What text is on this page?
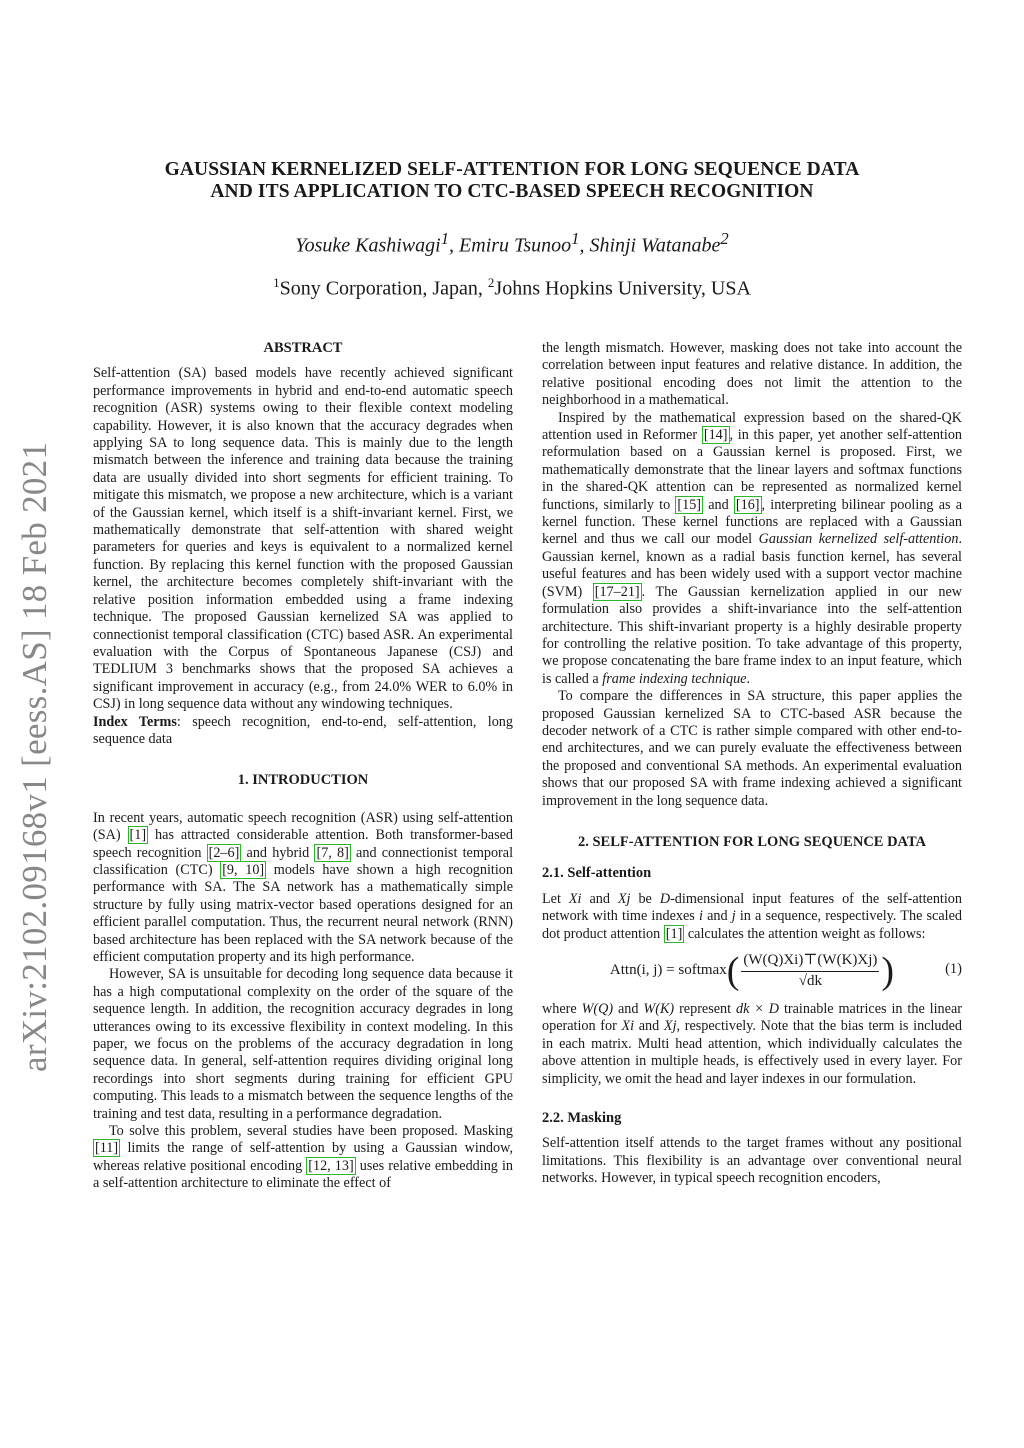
arXiv:2102.09168v1 [eess.AS] 18 Feb 2021
GAUSSIAN KERNELIZED SELF-ATTENTION FOR LONG SEQUENCE DATA
AND ITS APPLICATION TO CTC-BASED SPEECH RECOGNITION
Yosuke Kashiwagi$^1$, Emiru Tsunoo$^1$, Shinji Watanabe$^2$
$^1$Sony Corporation, Japan, $^2$Johns Hopkins University, USA
ABSTRACT

Self-attention (SA) based models have recently achieved significant performance improvements in hybrid and end-to-end automatic speech recognition (ASR) systems owing to their flexible context modeling capability. However, it is also known that the accuracy degrades when applying SA to long sequence data. This is mainly due to the length mismatch between the inference and training data because the training data are usually divided into short segments for efficient training. To mitigate this mismatch, we propose a new architecture, which is a variant of the Gaussian kernel, which itself is a shift-invariant kernel. First, we mathematically demonstrate that self-attention with shared weight parameters for queries and keys is equivalent to a normalized kernel function. By replacing this kernel function with the proposed Gaussian kernel, the architecture becomes completely shift-invariant with the relative position information embedded using a frame indexing technique. The proposed Gaussian kernelized SA was applied to connectionist temporal classification (CTC) based ASR. An experimental evaluation with the Corpus of Spontaneous Japanese (CSJ) and TEDLIUM 3 benchmarks shows that the proposed SA achieves a significant improvement in accuracy (e.g., from 24.0% WER to 6.0% in CSJ) in long sequence data without any windowing techniques.

Index Terms: speech recognition, end-to-end, self-attention, long sequence data

1. INTRODUCTION

In recent years, automatic speech recognition (ASR) using self-attention (SA) [1] has attracted considerable attention. Both transformer-based speech recognition [2–6] and hybrid [7, 8] and connectionist temporal classification (CTC) [9, 10] models have shown a high recognition performance with SA. The SA network has a mathematically simple structure by fully using matrix-vector based operations designed for an efficient parallel computation. Thus, the recurrent neural network (RNN) based architecture has been replaced with the SA network because of the efficient computation property and its high performance.

However, SA is unsuitable for decoding long sequence data because it has a high computational complexity on the order of the square of the sequence length. In addition, the recognition accuracy degrades in long utterances owing to its excessive flexibility in context modeling. In this paper, we focus on the problems of the accuracy degradation in long sequence data. In general, self-attention requires dividing original long recordings into short segments during training for efficient GPU computing. This leads to a mismatch between the sequence lengths of the training and test data, resulting in a performance degradation.

To solve this problem, several studies have been proposed. Masking [11] limits the range of self-attention by using a Gaussian window, whereas relative positional encoding [12, 13] uses relative embedding in a self-attention architecture to eliminate the effect of

the length mismatch. However, masking does not take into account the correlation between input features and relative distance. In addition, the relative positional encoding does not limit the attention to the neighborhood in a mathematical.

Inspired by the mathematical expression based on the shared-QK attention used in Reformer [14] , in this paper, yet another self-attention reformulation based on a Gaussian kernel is proposed. First, we mathematically demonstrate that the linear layers and softmax functions in the shared-QK attention can be represented as normalized kernel functions, similarly to [15] and [16] , interpreting bilinear pooling as a kernel function. These kernel functions are replaced with a Gaussian kernel and thus we call our model Gaussian kernelized self-attention. Gaussian kernel, known as a radial basis function kernel, has several useful features and has been widely used with a support vector machine (SVM) [17–21] . The Gaussian kernelization applied in our new formulation also provides a shift-invariance into the self-attention architecture. This shift-invariant property is a highly desirable property for controlling the relative position. To take advantage of this property, we propose concatenating the bare frame index to an input feature, which is called a frame indexing technique.

To compare the differences in SA structure, this paper applies the proposed Gaussian kernelized SA to CTC-based ASR because the decoder network of a CTC is rather simple compared with other end-to-end architectures, and we can purely evaluate the effectiveness between the proposed and conventional SA methods. An experimental evaluation shows that our proposed SA with frame indexing achieved a significant improvement in the long sequence data.

2. SELF-ATTENTION FOR LONG SEQUENCE DATA
2.1. Self-attention

Let Xi and Xj be D-dimensional input features of the self-attention network with time indexes i and j in a sequence, respectively. The scaled dot product attention [1] calculates the attention weight as follows:

Attn(i, j) = softmax ( $\frac{(W(Q)Xi)⊤(W(K)Xj)}{√dk}$ )	(1)

where W(Q) and W(K) represent dk × D trainable matrices in the linear operation for Xi and Xj, respectively. Note that the bias term is included in each matrix. Multi head attention, which individually calculates the above attention in multiple heads, is effectively used in every layer. For simplicity, we omit the head and layer indexes in our formulation.

2.2. Masking

Self-attention itself attends to the target frames without any positional limitations. This flexibility is an advantage over conventional neural networks. However, in typical speech recognition encoders,
